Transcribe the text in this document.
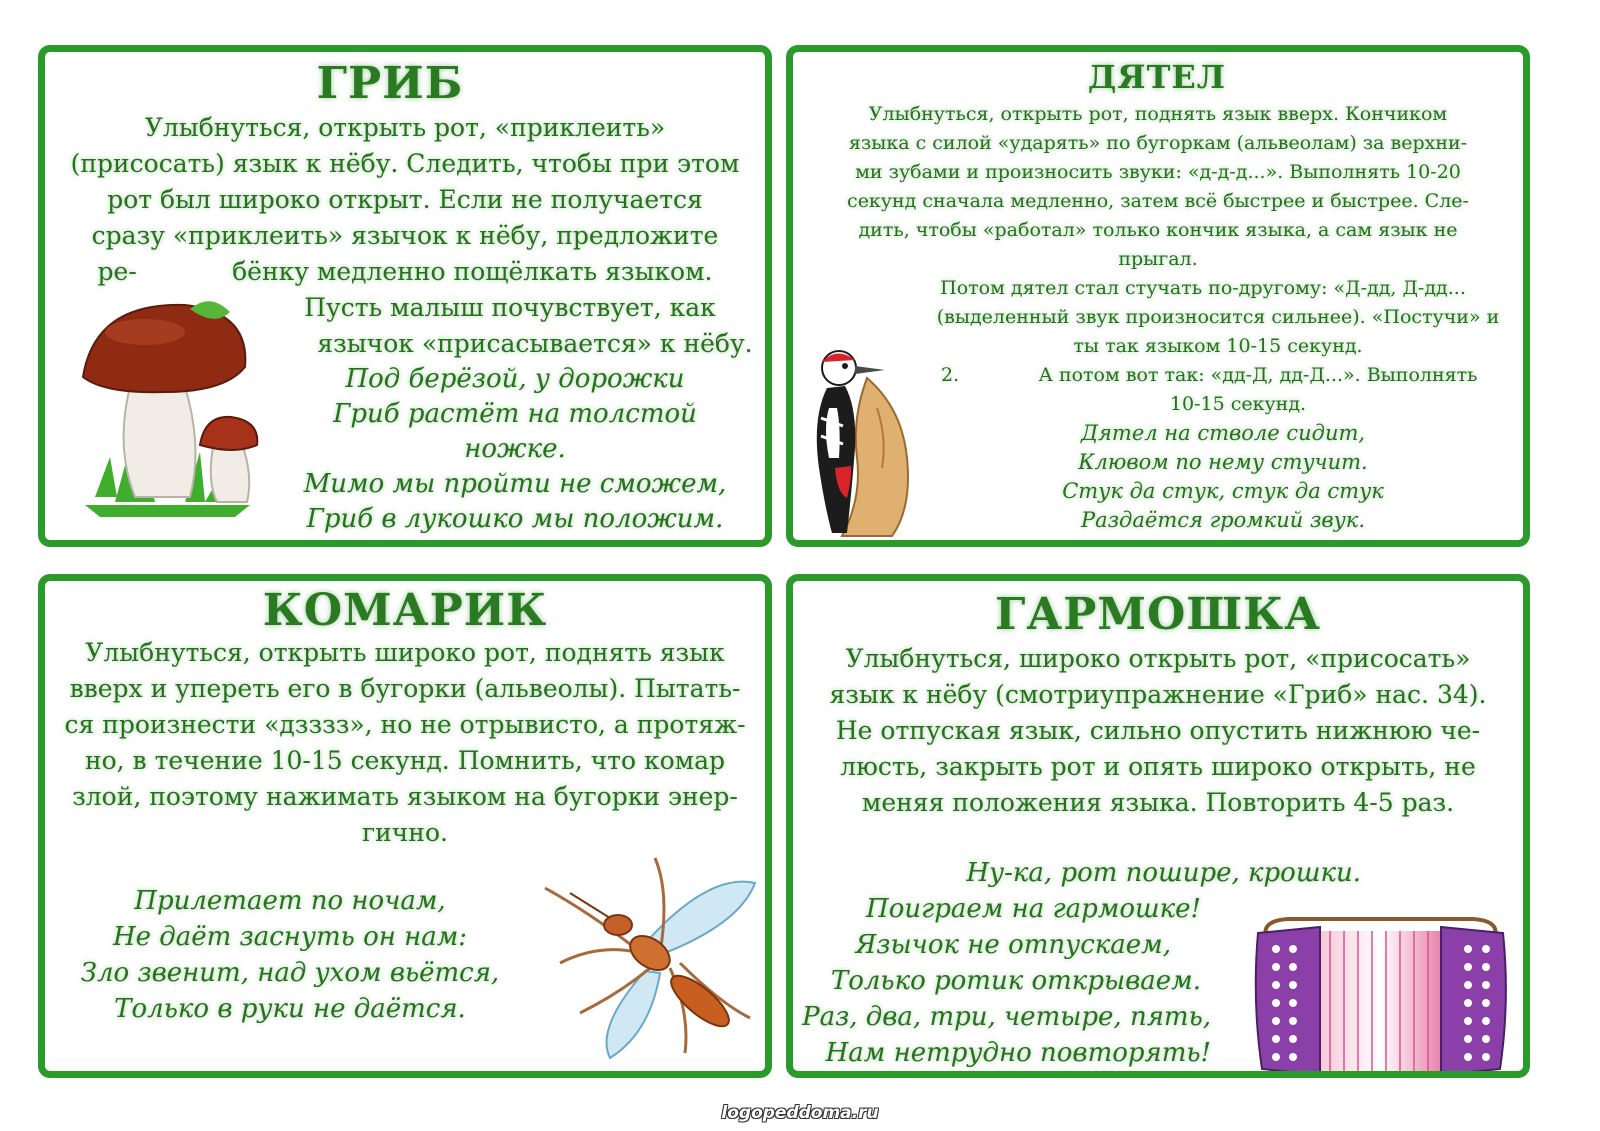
ГРИБ

Улыбнуться, открыть рот, «приклеить»

(присосать) язык к нёбу. Следить, чтобы при этом

рот был широко открыт. Если не получается

сразу «приклеить» язычок к нёбу, предложите

ре-            бёнку медленно пощёлкать языком.

Пусть малыш почувствует, как

язычок «присасывается» к нёбу.

Под берёзой, у дорожки

Гриб растёт на толстой

ножке.

Мимо мы пройти не сможем,

Гриб в лукошко мы положим.

ДЯТЕЛ

Улыбнуться, открыть рот, поднять язык вверх. Кончиком

языка с силой «ударять» по бугоркам (альвеолам) за верхни-

ми зубами и произносить звуки: «д-д-д...». Выполнять 10-20

секунд сначала медленно, затем всё быстрее и быстрее. Сле-

дить, чтобы «работал» только кончик языка, а сам язык не

прыгал.

Потом дятел стал стучать по-другому: «Д-дд, Д-дд...

(выделенный звук произносится сильнее). «Постучи» и

ты так языком 10-15 секунд.

2.	А потом вот так: «дд-Д, дд-Д...». Выполнять

10-15 секунд.

Дятел на стволе сидит,

Клювом по нему стучит.

Стук да стук, стук да стук

Раздаётся громкий звук.

КОМАРИК

Улыбнуться, открыть широко рот, поднять язык

вверх и упереть его в бугорки (альвеолы). Пытать-

ся произнести «дзззз», но не отрывисто, а протяж-

но, в течение 10-15 секунд. Помнить, что комар

злой, поэтому нажимать языком на бугорки энер-

гично.

Прилетает по ночам,

Не даёт заснуть он нам:

Зло звенит, над ухом вьётся,

Только в руки не даётся.

ГАРМОШКА

Улыбнуться, широко открыть рот, «присосать»

язык к нёбу (смотриупражнение «Гриб» нас. 34).

Не отпуская язык, сильно опустить нижнюю че-

люсть, закрыть рот и опять широко открыть, не

меняя положения языка. Повторить 4-5 раз.

Ну-ка, рот пошире, крошки.

Поиграем на гармошке!

Язычок не отпускаем,

Только ротик открываем.

Раз, два, три, четыре, пять,

Нам нетрудно повторять!

logopeddoma.ru
